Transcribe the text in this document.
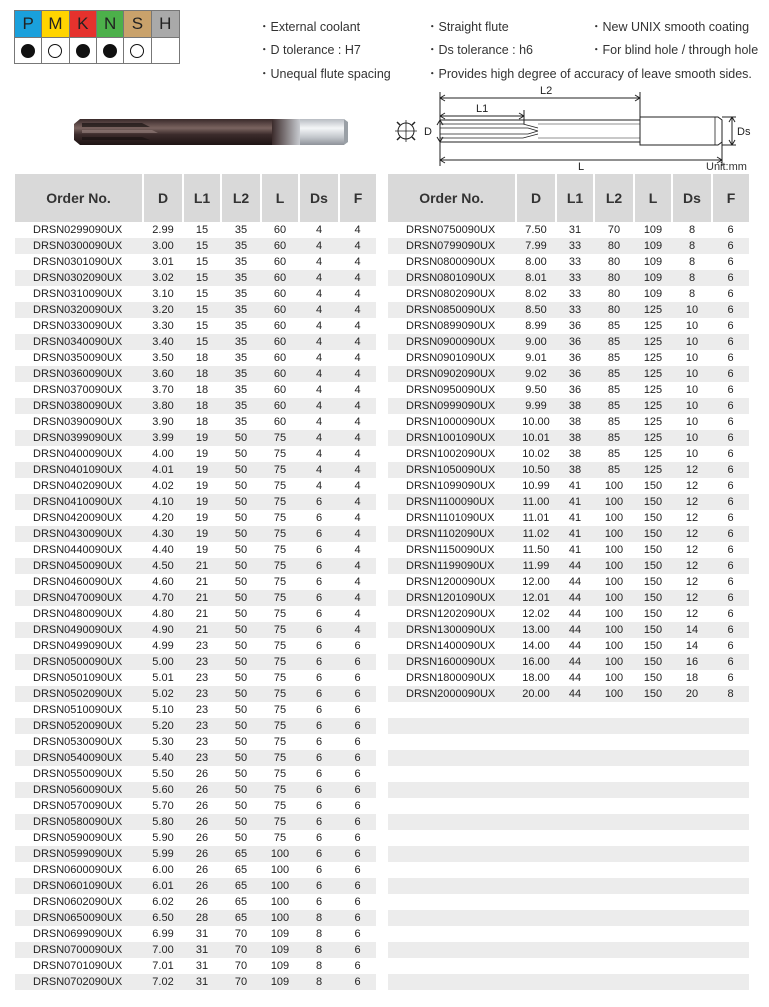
P M K N S H	・External coolant	・Straight flute	・New UNIX smooth coating
・D tolerance : H7	・Ds tolerance : h6	・For blind hole / through hole
・Unequal flute spacing	・Provides high degree of accuracy of leave smooth sides.
L2
L1
D	Ds
L	Unit:mm
Order No.	D	L1	L2	L	Ds	F
DRSN0299090UX	2.99	15	35	60	4	4
DRSN0300090UX	3.00	15	35	60	4	4
DRSN0301090UX	3.01	15	35	60	4	4
DRSN0302090UX	3.02	15	35	60	4	4
DRSN0310090UX	3.10	15	35	60	4	4
DRSN0320090UX	3.20	15	35	60	4	4
DRSN0330090UX	3.30	15	35	60	4	4
DRSN0340090UX	3.40	15	35	60	4	4
DRSN0350090UX	3.50	18	35	60	4	4
DRSN0360090UX	3.60	18	35	60	4	4
DRSN0370090UX	3.70	18	35	60	4	4
DRSN0380090UX	3.80	18	35	60	4	4
DRSN0390090UX	3.90	18	35	60	4	4
DRSN0399090UX	3.99	19	50	75	4	4
DRSN0400090UX	4.00	19	50	75	4	4
DRSN0401090UX	4.01	19	50	75	4	4
DRSN0402090UX	4.02	19	50	75	4	4
DRSN0410090UX	4.10	19	50	75	6	4
DRSN0420090UX	4.20	19	50	75	6	4
DRSN0430090UX	4.30	19	50	75	6	4
DRSN0440090UX	4.40	19	50	75	6	4
DRSN0450090UX	4.50	21	50	75	6	4
DRSN0460090UX	4.60	21	50	75	6	4
DRSN0470090UX	4.70	21	50	75	6	4
DRSN0480090UX	4.80	21	50	75	6	4
DRSN0490090UX	4.90	21	50	75	6	4
DRSN0499090UX	4.99	23	50	75	6	6
DRSN0500090UX	5.00	23	50	75	6	6
DRSN0501090UX	5.01	23	50	75	6	6
DRSN0502090UX	5.02	23	50	75	6	6
DRSN0510090UX	5.10	23	50	75	6	6
DRSN0520090UX	5.20	23	50	75	6	6
DRSN0530090UX	5.30	23	50	75	6	6
DRSN0540090UX	5.40	23	50	75	6	6
DRSN0550090UX	5.50	26	50	75	6	6
DRSN0560090UX	5.60	26	50	75	6	6
DRSN0570090UX	5.70	26	50	75	6	6
DRSN0580090UX	5.80	26	50	75	6	6
DRSN0590090UX	5.90	26	50	75	6	6
DRSN0599090UX	5.99	26	65	100	6	6
DRSN0600090UX	6.00	26	65	100	6	6
DRSN0601090UX	6.01	26	65	100	6	6
DRSN0602090UX	6.02	26	65	100	6	6
DRSN0650090UX	6.50	28	65	100	8	6
DRSN0699090UX	6.99	31	70	109	8	6
DRSN0700090UX	7.00	31	70	109	8	6
DRSN0701090UX	7.01	31	70	109	8	6
DRSN0702090UX	7.02	31	70	109	8	6
Order No.	D	L1	L2	L	Ds	F
DRSN0750090UX	7.50	31	70	109	8	6
DRSN0799090UX	7.99	33	80	109	8	6
DRSN0800090UX	8.00	33	80	109	8	6
DRSN0801090UX	8.01	33	80	109	8	6
DRSN0802090UX	8.02	33	80	109	8	6
DRSN0850090UX	8.50	33	80	125	10	6
DRSN0899090UX	8.99	36	85	125	10	6
DRSN0900090UX	9.00	36	85	125	10	6
DRSN0901090UX	9.01	36	85	125	10	6
DRSN0902090UX	9.02	36	85	125	10	6
DRSN0950090UX	9.50	36	85	125	10	6
DRSN0999090UX	9.99	38	85	125	10	6
DRSN1000090UX	10.00	38	85	125	10	6
DRSN1001090UX	10.01	38	85	125	10	6
DRSN1002090UX	10.02	38	85	125	10	6
DRSN1050090UX	10.50	38	85	125	12	6
DRSN1099090UX	10.99	41	100	150	12	6
DRSN1100090UX	11.00	41	100	150	12	6
DRSN1101090UX	11.01	41	100	150	12	6
DRSN1102090UX	11.02	41	100	150	12	6
DRSN1150090UX	11.50	41	100	150	12	6
DRSN1199090UX	11.99	44	100	150	12	6
DRSN1200090UX	12.00	44	100	150	12	6
DRSN1201090UX	12.01	44	100	150	12	6
DRSN1202090UX	12.02	44	100	150	12	6
DRSN1300090UX	13.00	44	100	150	14	6
DRSN1400090UX	14.00	44	100	150	14	6
DRSN1600090UX	16.00	44	100	150	16	6
DRSN1800090UX	18.00	44	100	150	18	6
DRSN2000090UX	20.00	44	100	150	20	8
